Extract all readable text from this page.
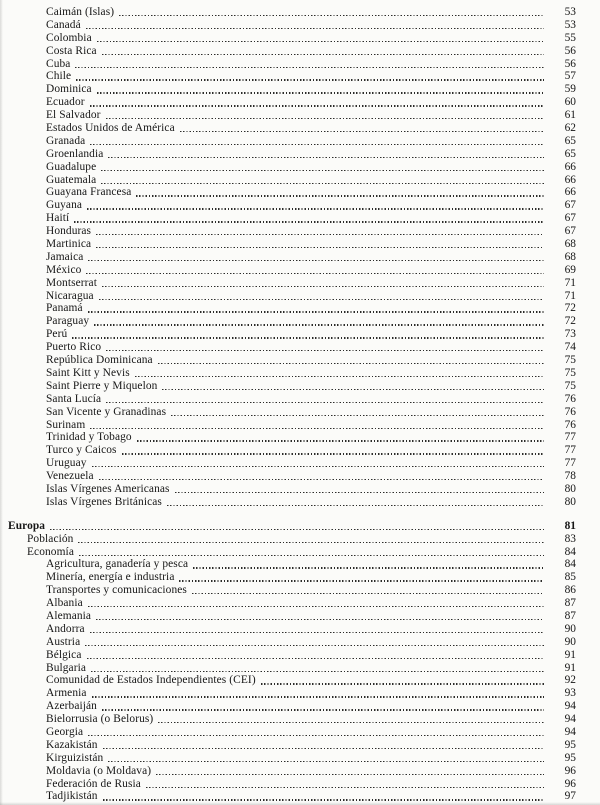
Caimán (Islas)	53
Canadá	53
Colombia	55
Costa Rica	56
Cuba	56
Chile	57
Dominica	59
Ecuador	60
El Salvador	61
Estados Unidos de América	62
Granada	65
Groenlandia	65
Guadalupe	66
Guatemala	66
Guayana Francesa	66
Guyana	67
Haití	67
Honduras	67
Martinica	68
Jamaica	68
México	69
Montserrat	71
Nicaragua	71
Panamá	72
Paraguay	72
Perú	73
Puerto Rico	74
República Dominicana	75
Saint Kitt y Nevis	75
Saint Pierre y Miquelon	75
Santa Lucía	76
San Vicente y Granadinas	76
Surinam	76
Trinidad y Tobago	77
Turco y Caicos	77
Uruguay	77
Venezuela	78
Islas Vírgenes Americanas	80
Islas Vírgenes Británicas	80
Europa	81
Población	83
Economía	84
Agricultura, ganadería y pesca	84
Minería, energía e industria	85
Transportes y comunicaciones	86
Albania	87
Alemania	87
Andorra	90
Austria	90
Bélgica	91
Bulgaria	91
Comunidad de Estados Independientes (CEI)	92
Armenia	93
Azerbaiján	94
Bielorrusia (o Belorus)	94
Georgia	94
Kazakistán	95
Kirguizistán	95
Moldavia (o Moldava)	96
Federación de Rusia	96
Tadjikistán	97
